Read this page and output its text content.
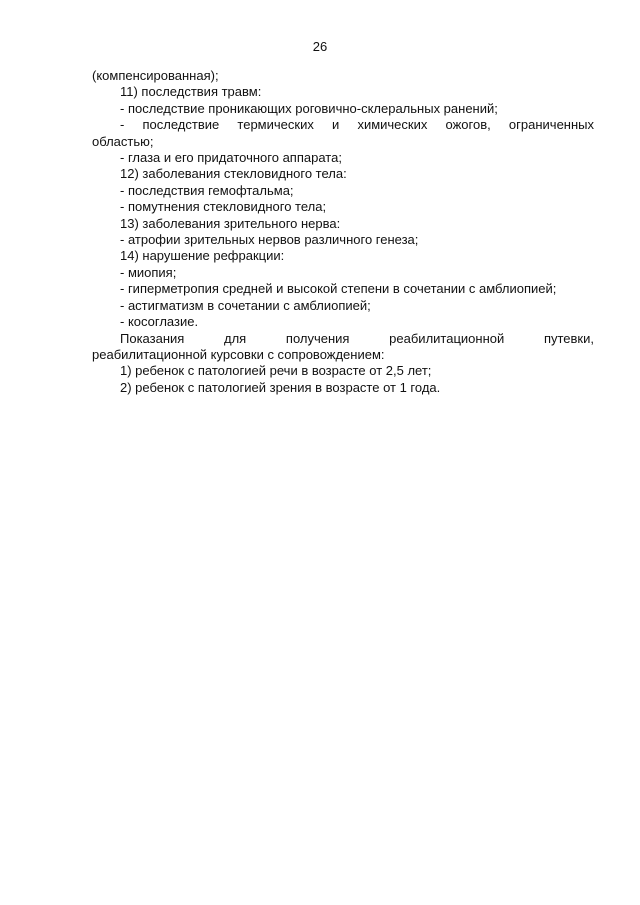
26

(компенсированная);

11) последствия травм:

- последствие проникающих роговично-склеральных ранений;

- последствие термических и химических ожогов, ограниченных

областью;

- глаза и его придаточного аппарата;

12) заболевания стекловидного тела:

- последствия гемофтальма;

- помутнения стекловидного тела;

13) заболевания зрительного нерва:

- атрофии зрительных нервов различного генеза;

14) нарушение рефракции:

- миопия;

- гиперметропия средней и высокой степени в сочетании с амблиопией;

- астигматизм в сочетании с амблиопией;

- косоглазие.

Показания для получения реабилитационной путевки,

реабилитационной курсовки с сопровождением:

1) ребенок с патологией речи в возрасте от 2,5 лет;

2) ребенок с патологией зрения в возрасте от 1 года.
